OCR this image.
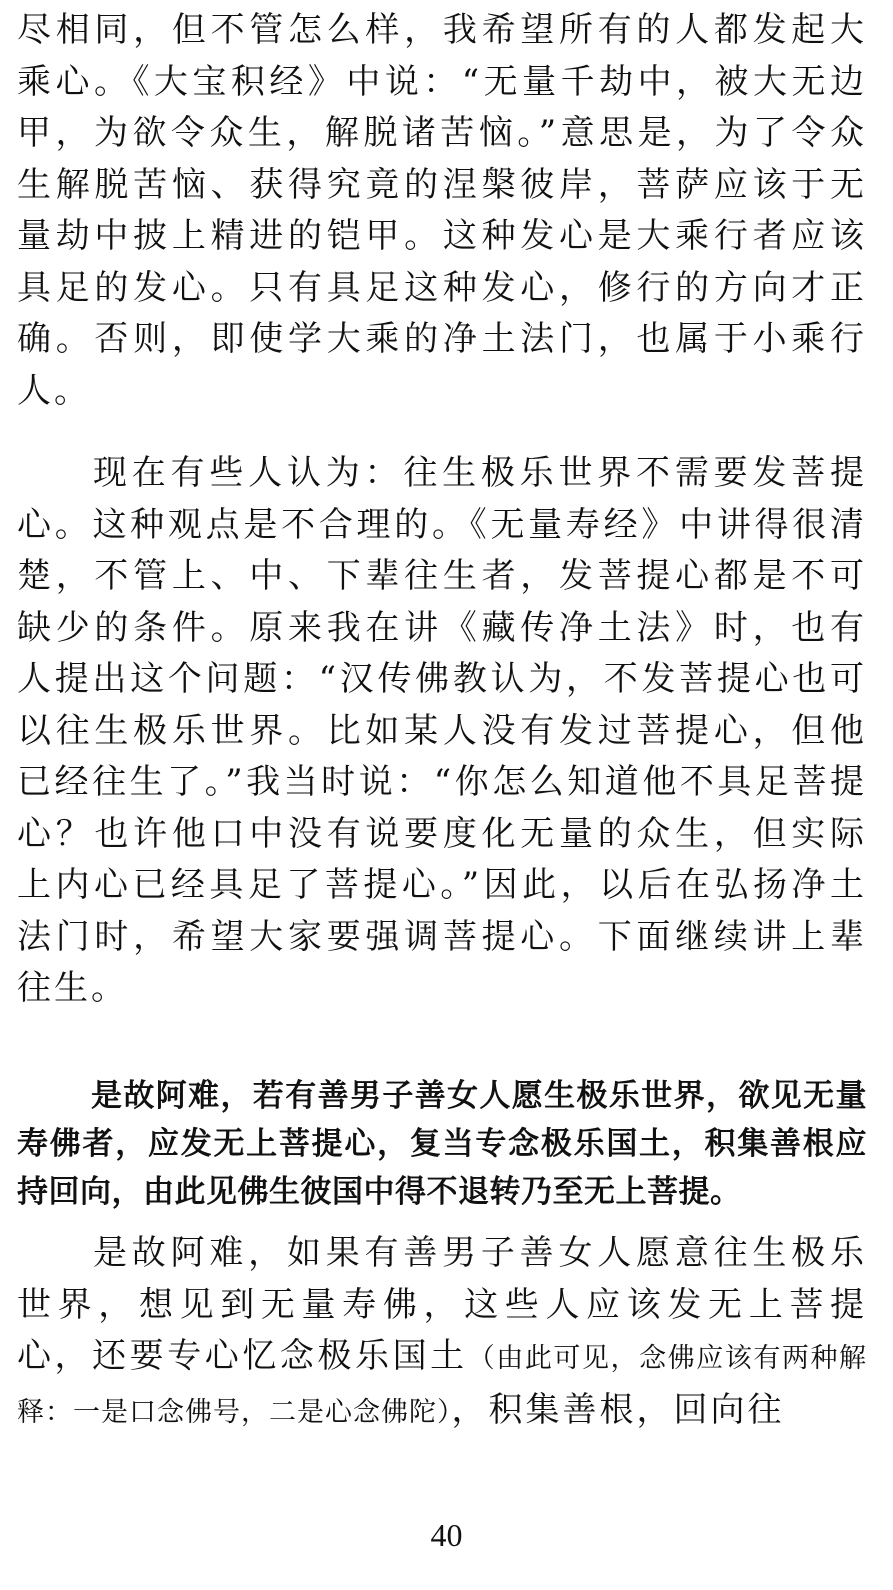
尽相同，但不管怎么样，我希望所有的人都发起大乘心。《大宝积经》中说：“无量千劫中，被大无边甲，为欲令众生，解脱诸苦恼。”意思是，为了令众生解脱苦恼、获得究竟的涅槃彼岸，菩萨应该于无量劫中披上精进的铠甲。这种发心是大乘行者应该具足的发心。只有具足这种发心，修行的方向才正确。否则，即使学大乘的净土法门，也属于小乘行人。

现在有些人认为：往生极乐世界不需要发菩提心。这种观点是不合理的。《无量寿经》中讲得很清楚，不管上、中、下辈往生者，发菩提心都是不可缺少的条件。原来我在讲《藏传净土法》时，也有人提出这个问题：“汉传佛教认为，不发菩提心也可以往生极乐世界。比如某人没有发过菩提心，但他已经往生了。”我当时说：“你怎么知道他不具足菩提心？也许他口中没有说要度化无量的众生，但实际上内心已经具足了菩提心。”因此，以后在弘扬净土法门时，希望大家要强调菩提心。下面继续讲上辈往生。

是故阿难，若有善男子善女人愿生极乐世界，欲见无量寿佛者，应发无上菩提心，复当专念极乐国土，积集善根应持回向，由此见佛生彼国中得不退转乃至无上菩提。

是故阿难，如果有善男子善女人愿意往生极乐世界，想见到无量寿佛，这些人应该发无上菩提心，还要专心忆念极乐国土（由此可见，念佛应该有两种解释：一是口念佛号，二是心念佛陀），积集善根，回向往

40
